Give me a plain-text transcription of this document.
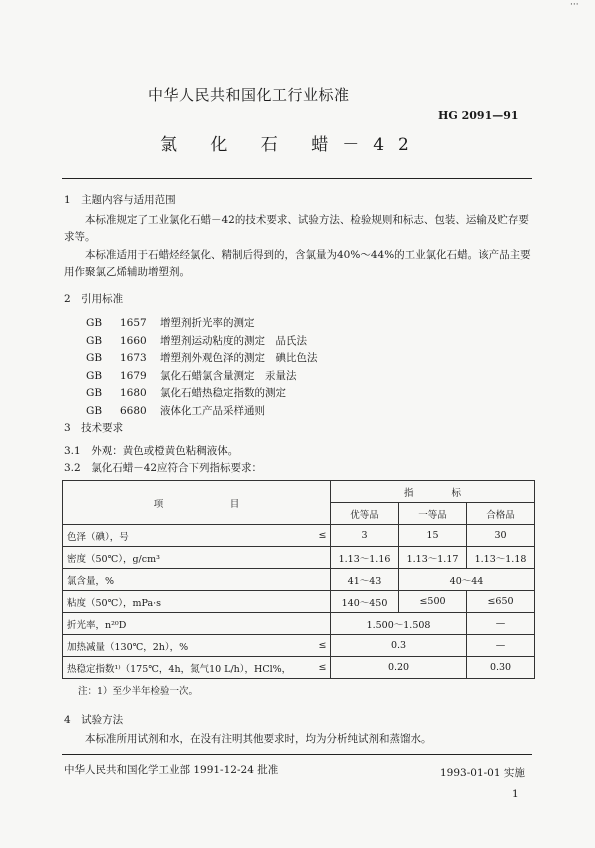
···
中华人民共和国化工行业标准
HG 2091—91
氯 化 石 蜡－42
1　主题内容与适用范围
本标准规定了工业氯化石蜡－42的技术要求、试验方法、检验规则和标志、包装、运输及贮存要求等。
本标准适用于石蜡烃经氯化、精制后得到的，含氯量为40%～44%的工业氯化石蜡。该产品主要用作聚氯乙烯辅助增塑剂。
2　引用标准
GB	1657	增塑剂折光率的测定
GB	1660	增塑剂运动粘度的测定　品氏法
GB	1673	增塑剂外观色泽的测定　碘比色法
GB	1679	氯化石蜡氯含量测定　汞量法
GB	1680	氯化石蜡热稳定指数的测定
GB	6680	液体化工产品采样通则
3　技术要求
3.1　外观：黄色或橙黄色粘稠液体。
3.2　氯化石蜡－42应符合下列指标要求：
项　　　　　　　目		指　　　　标		
		优等品	一等品	合格品
色泽（碘），号	≤	3	15	30
密度（50℃），g/cm³		1.13～1.16	1.13～1.17	1.13～1.18
氯含量，%		41～43	40～44	
粘度（50℃），mPa·s		140～450	≤500	≤650
折光率，n²⁰D		1.500～1.508		—
加热减量（130℃，2h），%	≤	0.3		—
热稳定指数¹⁾（175℃，4h，氮气10 L/h），HCl%，	≤	0.20		0.30
注：1）至少半年检验一次。
4　试验方法
本标准所用试剂和水，在没有注明其他要求时，均为分析纯试剂和蒸馏水。
中华人民共和国化学工业部 1991-12-24 批准	1993-01-01 实施
1
